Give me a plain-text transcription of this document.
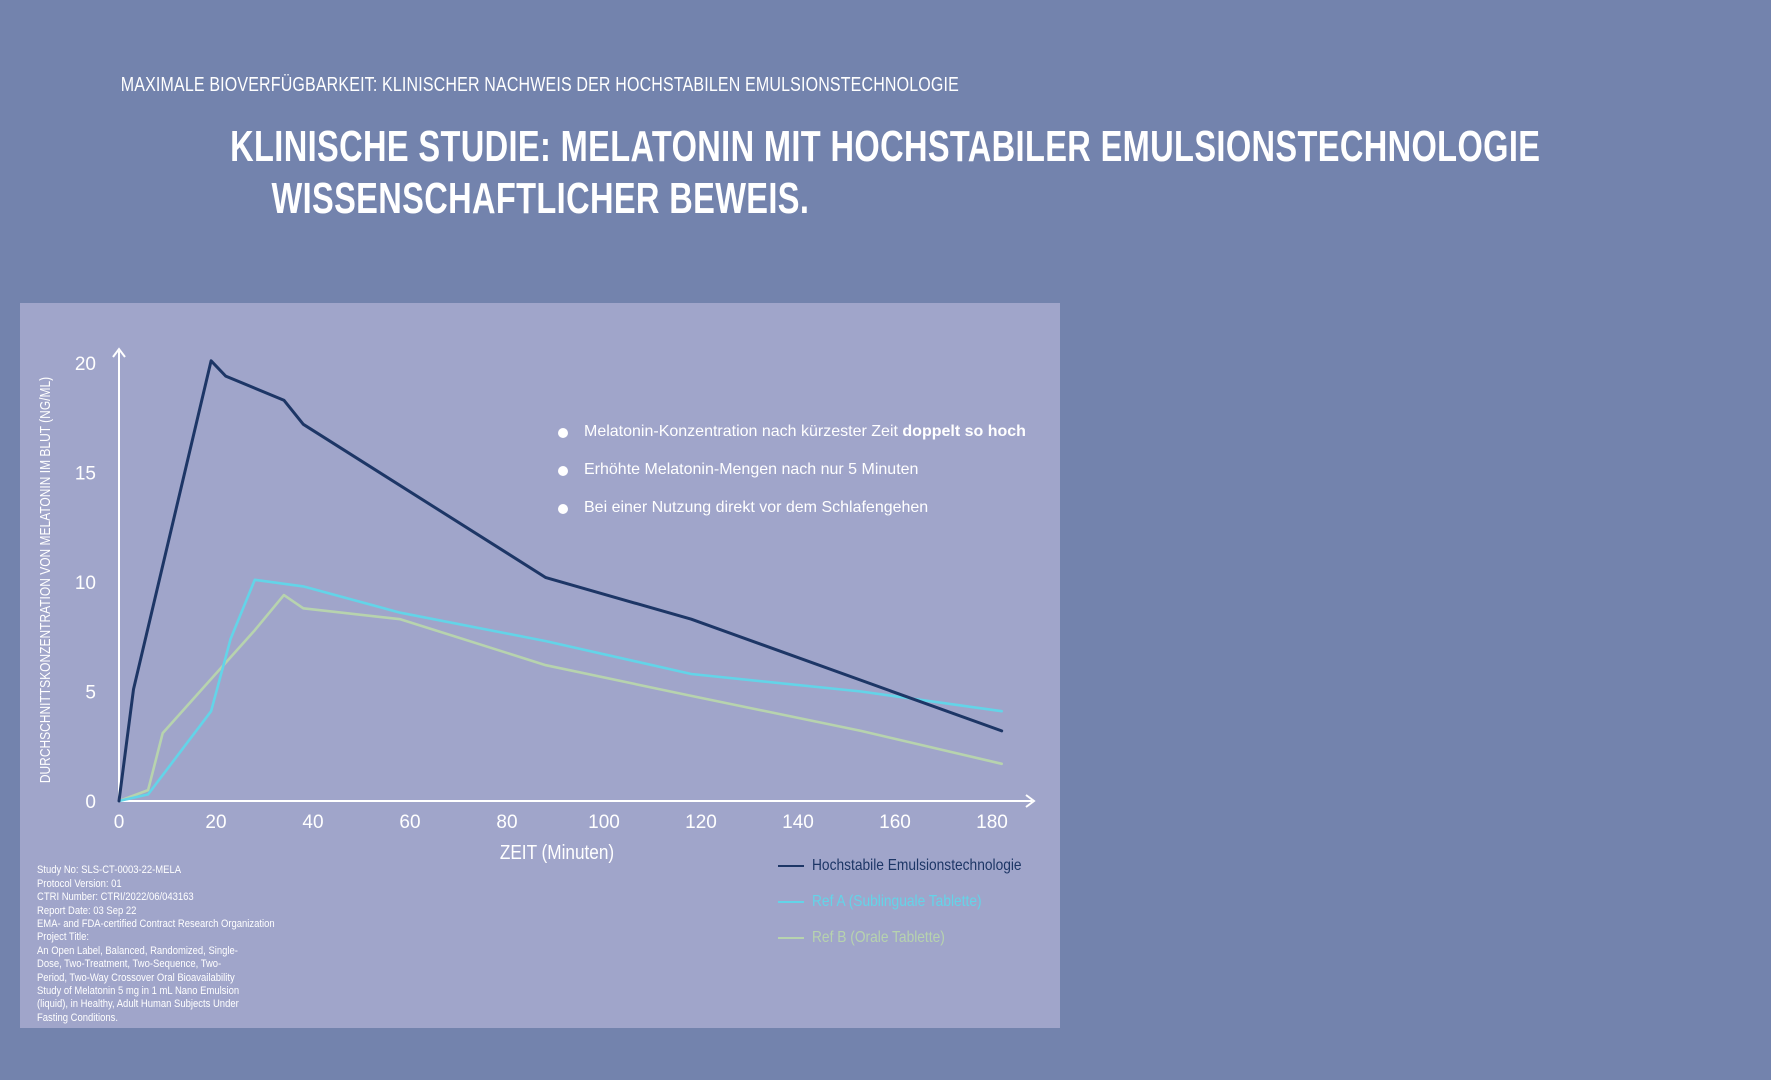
MAXIMALE BIOVERFÜGBARKEIT: KLINISCHER NACHWEIS DER HOCHSTABILEN EMULSIONSTECHNOLOGIE
KLINISCHE STUDIE: MELATONIN MIT HOCHSTABILER EMULSIONSTECHNOLOGIE
WISSENSCHAFTLICHER BEWEIS.
0	20	40	60	80	100	120	140	160	180
0
5
10
15
20
ZEIT (Minuten)
DURCHSCHNITTSKONZENTRATION VON MELATONIN IM BLUT (NG/ML)	Melatonin-Konzentration nach kürzester Zeit doppelt so hoch
Erhöhte Melatonin-Mengen nach nur 5 Minuten
Bei einer Nutzung direkt vor dem Schlafengehen
Hochstabile Emulsionstechnologie
Ref A (Sublinguale Tablette)
Ref B (Orale Tablette)

Study No: SLS-CT-0003-22-MELA
Protocol Version: 01
CTRI Number: CTRI/2022/06/043163
Report Date: 03 Sep 22
EMA- and FDA-certified Contract Research Organization
Project Title:
An Open Label, Balanced, Randomized, Single-
Dose, Two-Treatment, Two-Sequence, Two-
Period, Two-Way Crossover Oral Bioavailability
Study of Melatonin 5 mg in 1 mL Nano Emulsion
(liquid), in Healthy, Adult Human Subjects Under
Fasting Conditions.
